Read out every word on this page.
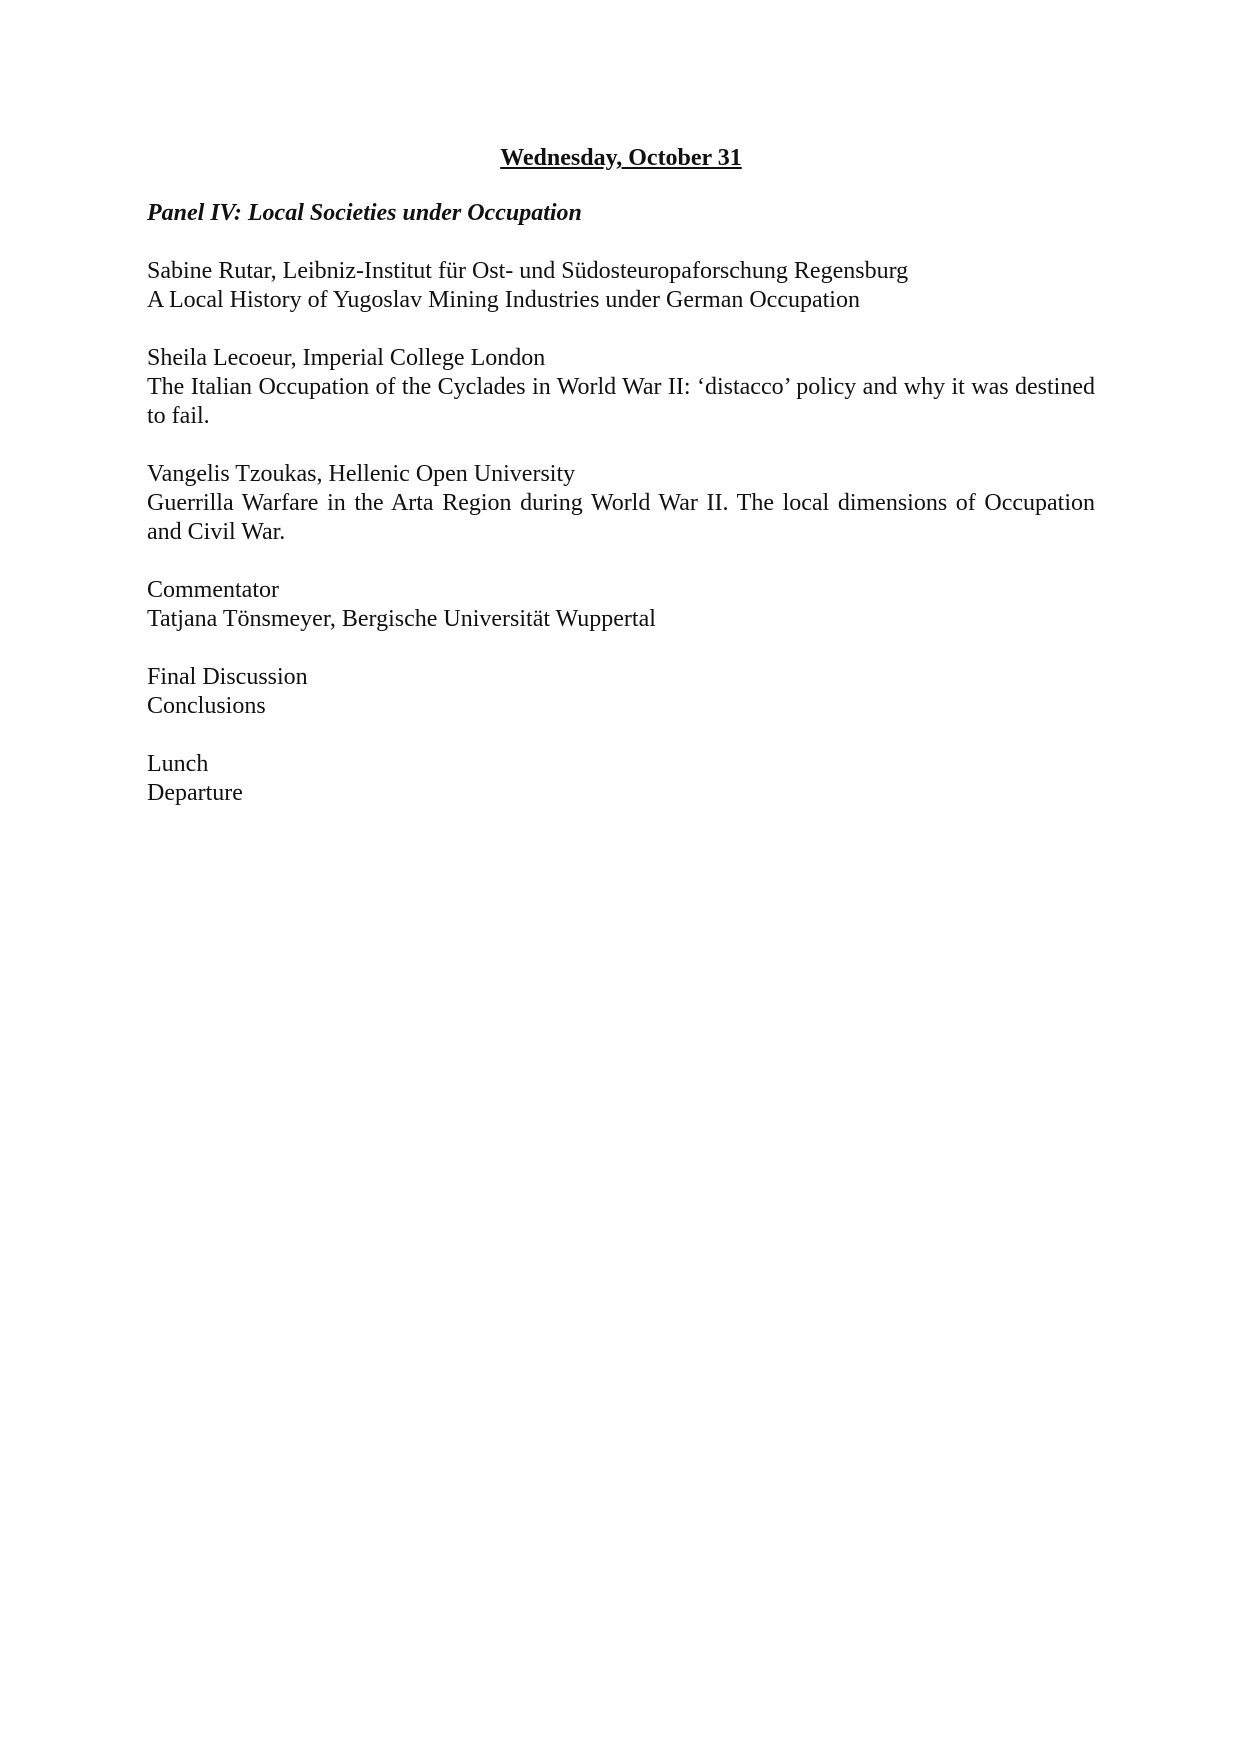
Wednesday, October 31
Panel IV: Local Societies under Occupation

Sabine Rutar, Leibniz-Institut für Ost- und Südosteuropaforschung Regensburg

A Local History of Yugoslav Mining Industries under German Occupation

Sheila Lecoeur, Imperial College London

The Italian Occupation of the Cyclades in World War II: ‘distacco’ policy and why it was destined to fail.

Vangelis Tzoukas, Hellenic Open University

Guerrilla Warfare in the Arta Region during World War II. The local dimensions of Occupation and Civil War.

Commentator

Tatjana Tönsmeyer, Bergische Universität Wuppertal

Final Discussion

Conclusions

Lunch

Departure
